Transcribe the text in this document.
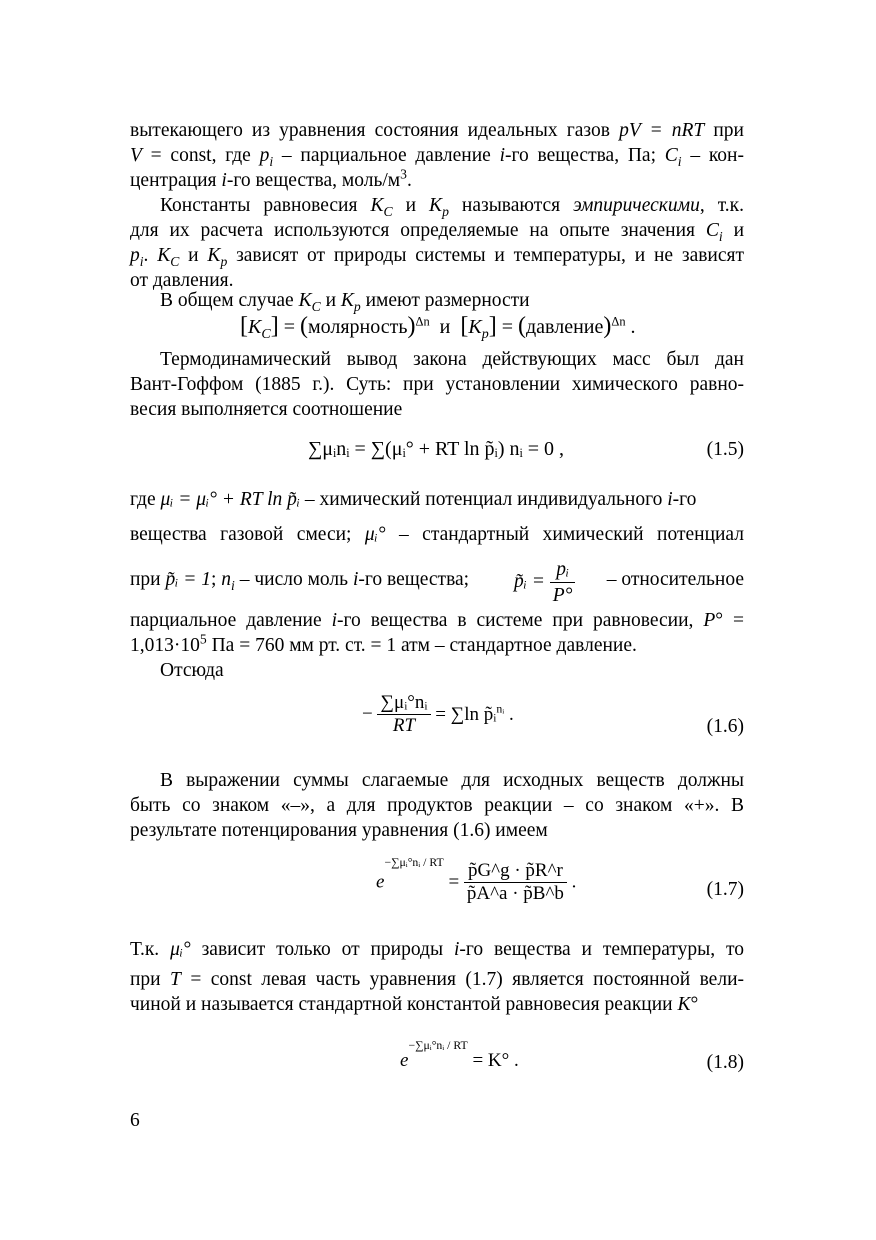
вытекающего из уравнения состояния идеальных газов pV = nRT при
V = const, где $p_i$ – парциальное давление i-го вещества, Па; $C_i - кон-$
центрация i-го вещества, моль/$м^3$.

Константы равновесия $K_C$ и $K_p$ называются эмпирическими, т.к.
для их расчета используются определяемые на опыте значения $C_i$ и
$p_i$. $K_C$ и $K_p$ зависят от природы системы и температуры, и не зависят
от давления.

В общем случае $K_C$ и $K_p$ имеют размерности
$[K_C]$ = (молярность)$^{\Delta n}$ и $[K_p]$ = (давление)$^{\Delta n}$ .

Термодинамический вывод закона действующих масс был дан
Вант-Гоффом (1885 г.). Суть: при установлении химического равно-
весия выполняется соотношение

∑μᵢnᵢ = ∑(μᵢ° + RT ln p̃ᵢ) nᵢ = 0 ,	(1.5)
где μᵢ = μᵢ° + RT ln p̃ᵢ – химический потенциал индивидуального i-го
вещества газовой смеси; μᵢ° – стандартный химический потенциал
при p̃ᵢ = 1; $n_i$ – число моль i-го вещества; p̃ᵢ = $\frac{\text{pᵢ}}{P^\circ}$ – относительное

парциальное давление i-го вещества в системе при равновесии, P° =
$1,013\cdot 10^5$ Па = 760 мм рт. ст. = 1 атм – стандартное давление.

Отсюда
− $\frac{\text{∑μᵢ°nᵢ}}{RT} = \sum\ln$ p̃ᵢ$^{nᵢ}$ .
(1.6)

В выражении суммы слагаемые для исходных веществ должны
быть со знаком «–», а для продуктов реакции – со знаком «+». В
результате потенцирования уравнения (1.6) имеем

$e^{-\sum\mu ᵢ^\circ nᵢ / RT} = \frac{p̃G\^{}g \cdot p̃R\^{}r}{p̃A\^{}a \cdot p̃B\^{}b}$ .	(1.7)
Т.к. μᵢ° зависит только от природы i-го вещества и температуры, то

при T = const левая часть уравнения (1.7) является постоянной вели-
чиной и называется стандартной константой равновесия реакции K°

$e^{-\sum\mu ᵢ^\circ nᵢ / RT} = K^\circ$ .	(1.8)
6
